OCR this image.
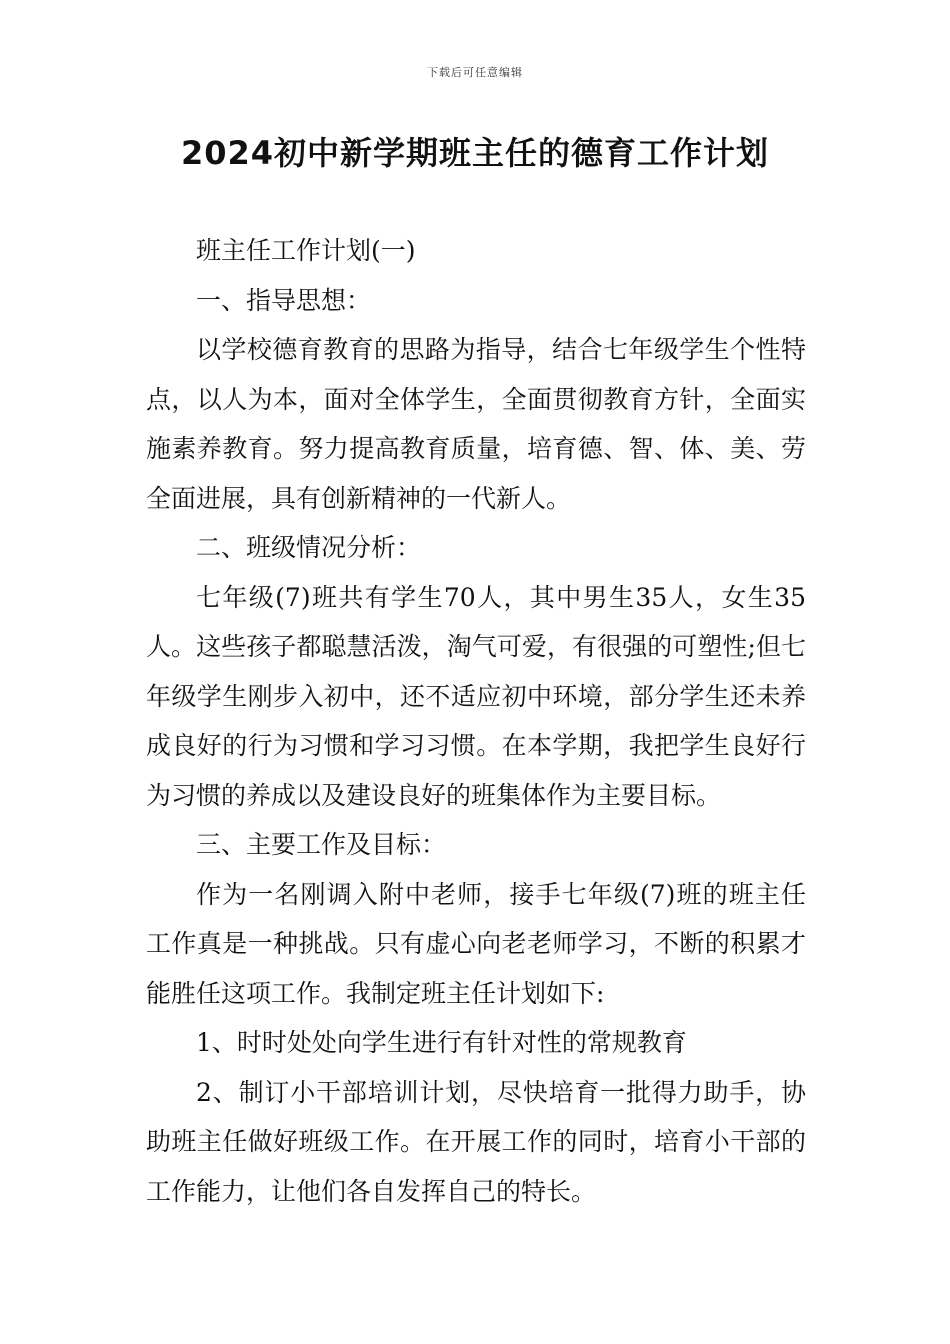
下载后可任意编辑
2024初中新学期班主任的德育工作计划

班主任工作计划(一)

一、指导思想：

以学校德育教育的思路为指导，结合七年级学生个性特点，以人为本，面对全体学生，全面贯彻教育方针，全面实施素养教育。努力提高教育质量，培育德、智、体、美、劳全面进展，具有创新精神的一代新人。

二、班级情况分析：

七年级(7)班共有学生70人，其中男生35人，女生35人。这些孩子都聪慧活泼，淘气可爱，有很强的可塑性;但七年级学生刚步入初中，还不适应初中环境，部分学生还未养成良好的行为习惯和学习习惯。在本学期，我把学生良好行为习惯的养成以及建设良好的班集体作为主要目标。

三、主要工作及目标：

作为一名刚调入附中老师，接手七年级(7)班的班主任工作真是一种挑战。只有虚心向老老师学习，不断的积累才能胜任这项工作。我制定班主任计划如下:

1、时时处处向学生进行有针对性的常规教育

2、制订小干部培训计划，尽快培育一批得力助手，协助班主任做好班级工作。在开展工作的同时，培育小干部的工作能力，让他们各自发挥自己的特长。
